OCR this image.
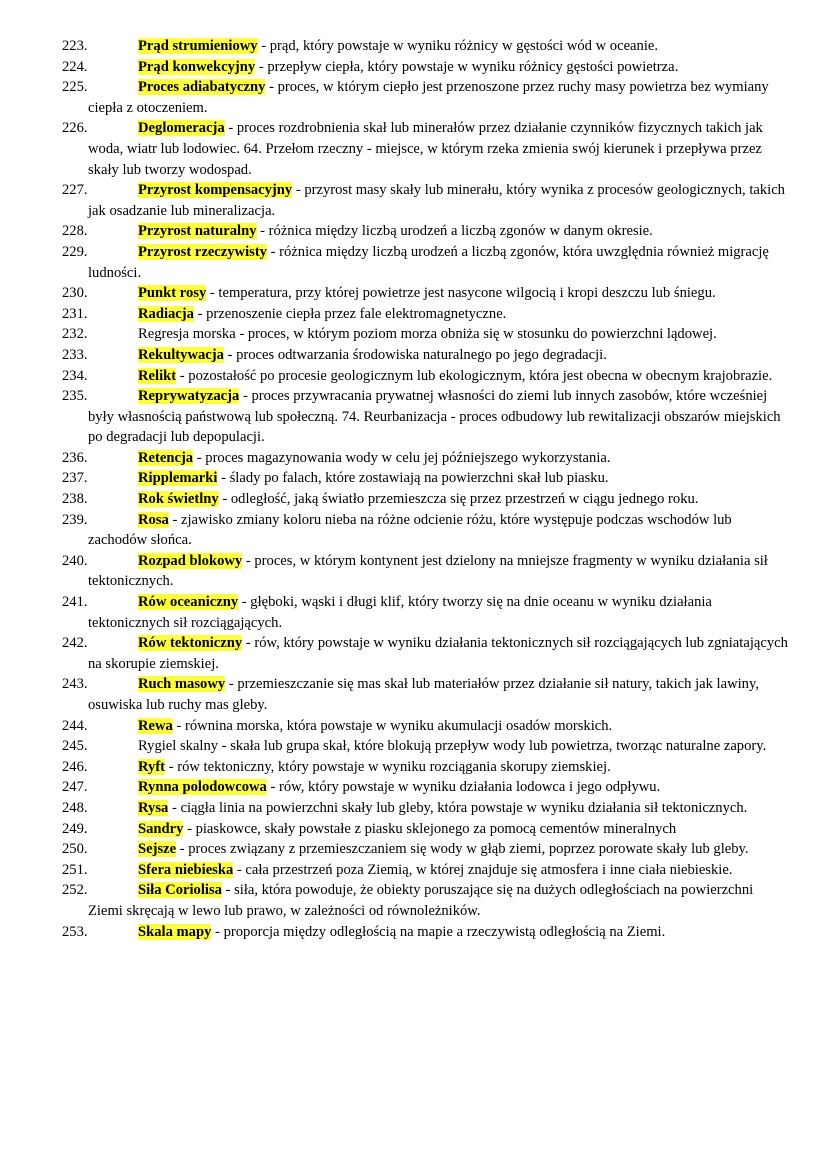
223.	Prąd strumieniowy - prąd, który powstaje w wyniku różnicy w gęstości wód w oceanie.

224.	Prąd konwekcyjny - przepływ ciepła, który powstaje w wyniku różnicy gęstości powietrza.

225.	Proces adiabatyczny - proces, w którym ciepło jest przenoszone przez ruchy masy powietrza bez wymiany ciepła z otoczeniem.

226.	Deglomeracja - proces rozdrobnienia skał lub minerałów przez działanie czynników fizycznych takich jak woda, wiatr lub lodowiec. 64. Przełom rzeczny - miejsce, w którym rzeka zmienia swój kierunek i przepływa przez skały lub tworzy wodospad.

227.	Przyrost kompensacyjny - przyrost masy skały lub minerału, który wynika z procesów geologicznych, takich jak osadzanie lub mineralizacja.

228.	Przyrost naturalny - różnica między liczbą urodzeń a liczbą zgonów w danym okresie.

229.	Przyrost rzeczywisty - różnica między liczbą urodzeń a liczbą zgonów, która uwzględnia również migrację ludności.

230.	Punkt rosy - temperatura, przy której powietrze jest nasycone wilgocią i kropi deszczu lub śniegu.

231.	Radiacja - przenoszenie ciepła przez fale elektromagnetyczne.

232.	Regresja morska - proces, w którym poziom morza obniża się w stosunku do powierzchni lądowej.

233.	Rekultywacja - proces odtwarzania środowiska naturalnego po jego degradacji.

234.	Relikt - pozostałość po procesie geologicznym lub ekologicznym, która jest obecna w obecnym krajobrazie.

235.	Reprywatyzacja - proces przywracania prywatnej własności do ziemi lub innych zasobów, które wcześniej były własnością państwową lub społeczną. 74. Reurbanizacja - proces odbudowy lub rewitalizacji obszarów miejskich po degradacji lub depopulacji.

236.	Retencja - proces magazynowania wody w celu jej późniejszego wykorzystania.

237.	Ripplemarki - ślady po falach, które zostawiają na powierzchni skał lub piasku.

238.	Rok świetlny - odległość, jaką światło przemieszcza się przez przestrzeń w ciągu jednego roku.

239.	Rosa - zjawisko zmiany koloru nieba na różne odcienie różu, które występuje podczas wschodów lub zachodów słońca.

240.	Rozpad blokowy - proces, w którym kontynent jest dzielony na mniejsze fragmenty w wyniku działania sił tektonicznych.

241.	Rów oceaniczny - głęboki, wąski i długi klif, który tworzy się na dnie oceanu w wyniku działania tektonicznych sił rozciągających.

242.	Rów tektoniczny - rów, który powstaje w wyniku działania tektonicznych sił rozciągających lub zgniatających na skorupie ziemskiej.

243.	Ruch masowy - przemieszczanie się mas skał lub materiałów przez działanie sił natury, takich jak lawiny, osuwiska lub ruchy mas gleby.

244.	Rewa - równina morska, która powstaje w wyniku akumulacji osadów morskich.

245.	Rygiel skalny - skała lub grupa skał, które blokują przepływ wody lub powietrza, tworząc naturalne zapory.

246.	Ryft - rów tektoniczny, który powstaje w wyniku rozciągania skorupy ziemskiej.

247.	Rynna polodowcowa - rów, który powstaje w wyniku działania lodowca i jego odpływu.

248.	Rysa - ciągła linia na powierzchni skały lub gleby, która powstaje w wyniku działania sił tektonicznych.

249.	Sandry - piaskowce, skały powstałe z piasku sklejonego za pomocą cementów mineralnych

250.	Sejsze - proces związany z przemieszczaniem się wody w głąb ziemi, poprzez porowate skały lub gleby.

251.	Sfera niebieska - cała przestrzeń poza Ziemią, w której znajduje się atmosfera i inne ciała niebieskie.

252.	Siła Coriolisa - siła, która powoduje, że obiekty poruszające się na dużych odległościach na powierzchni Ziemi skręcają w lewo lub prawo, w zależności od równoleżników.

253.	Skala mapy - proporcja między odległością na mapie a rzeczywistą odległością na Ziemi.
